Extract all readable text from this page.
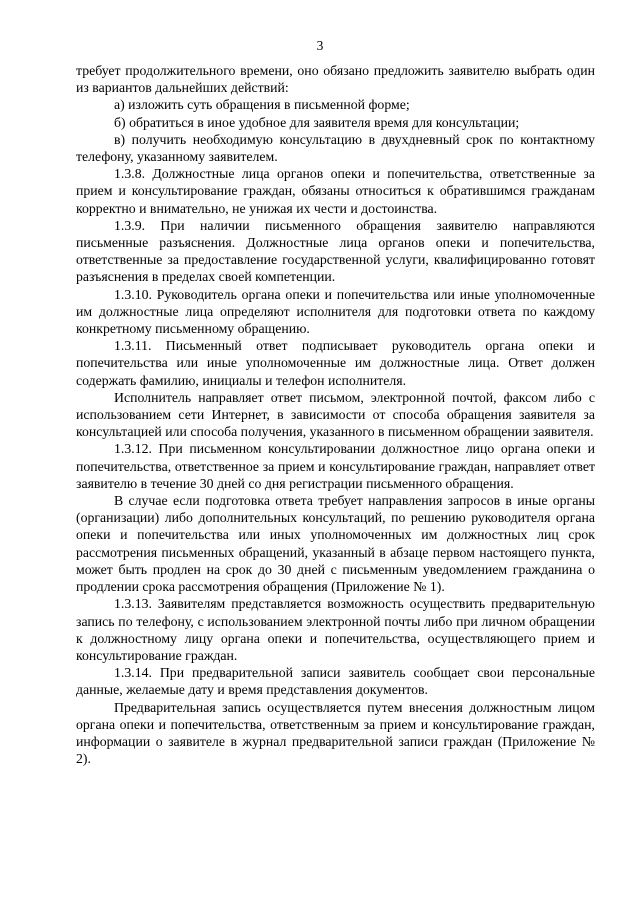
3

требует продолжительного времени, оно обязано предложить заявителю выбрать один из вариантов дальнейших действий:

а) изложить суть обращения в письменной форме;

б) обратиться в иное удобное для заявителя время для консультации;

в) получить необходимую консультацию в двухдневный срок по контактному телефону, указанному заявителем.

1.3.8. Должностные лица органов опеки и попечительства, ответственные за прием и консультирование граждан, обязаны относиться к обратившимся гражданам корректно и внимательно, не унижая их чести и достоинства.

1.3.9. При наличии письменного обращения заявителю направляются письменные разъяснения. Должностные лица органов опеки и попечительства, ответственные за предоставление государственной услуги, квалифицированно готовят разъяснения в пределах своей компетенции.

1.3.10. Руководитель органа опеки и попечительства или иные уполномоченные им должностные лица определяют исполнителя для подготовки ответа по каждому конкретному письменному обращению.

1.3.11. Письменный ответ подписывает руководитель органа опеки и попечительства или иные уполномоченные им должностные лица. Ответ должен содержать фамилию, инициалы и телефон исполнителя.

Исполнитель направляет ответ письмом, электронной почтой, факсом либо с использованием сети Интернет, в зависимости от способа обращения заявителя за консультацией или способа получения, указанного в письменном обращении заявителя.

1.3.12. При письменном консультировании должностное лицо органа опеки и попечительства, ответственное за прием и консультирование граждан, направляет ответ заявителю в течение 30 дней со дня регистрации письменного обращения.

В случае если подготовка ответа требует направления запросов в иные органы (организации) либо дополнительных консультаций, по решению руководителя органа опеки и попечительства или иных уполномоченных им должностных лиц срок рассмотрения письменных обращений, указанный в абзаце первом настоящего пункта, может быть продлен на срок до 30 дней с письменным уведомлением гражданина о продлении срока рассмотрения обращения (Приложение № 1).

1.3.13. Заявителям представляется возможность осуществить предварительную запись по телефону, с использованием электронной почты либо при личном обращении к должностному лицу органа опеки и попечительства, осуществляющего прием и консультирование граждан.

1.3.14. При предварительной записи заявитель сообщает свои персональные данные, желаемые дату и время представления документов.

Предварительная запись осуществляется путем внесения должностным лицом органа опеки и попечительства, ответственным за прием и консультирование граждан, информации о заявителе в журнал предварительной записи граждан (Приложение № 2).
